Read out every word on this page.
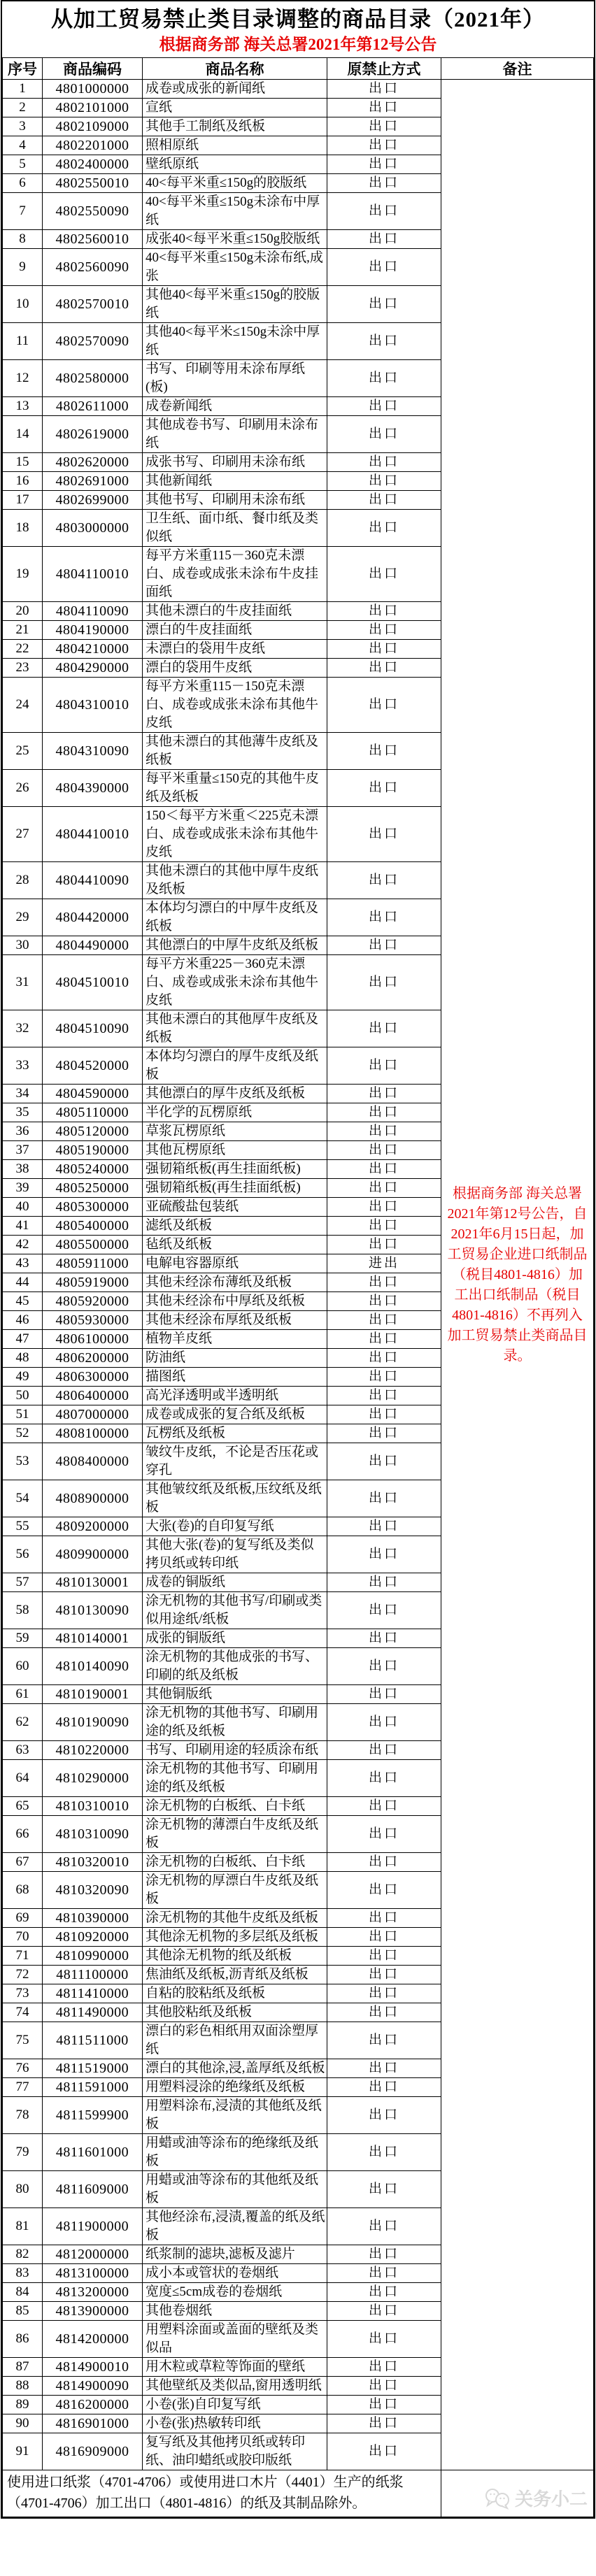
从加工贸易禁止类目录调整的商品目录（2021年）
根据商务部 海关总署2021年第12号公告
序号	商品编码	商品名称	原禁止方式	备注
1	4801000000	成卷或成张的新闻纸	出口	根据商务部 海关总署2021年第12号公告，自2021年6月15日起，加工贸易企业进口纸制品（税目4801-4816）加工出口纸制品（税目4801-4816）不再列入加工贸易禁止类商品目录。
2	4802101000	宣纸	出口	
3	4802109000	其他手工制纸及纸板	出口	
4	4802201000	照相原纸	出口	
5	4802400000	壁纸原纸	出口	
6	4802550010	40<每平米重≤150g的胶版纸	出口	
7	4802550090	40<每平米重≤150g未涂布中厚纸	出口	
8	4802560010	成张40<每平米重≤150g胶版纸	出口	
9	4802560090	40<每平米重≤150g未涂布纸,成张	出口	
10	4802570010	其他40<每平米重≤150g的胶版纸	出口	
11	4802570090	其他40<每平米≤150g未涂中厚纸	出口	
12	4802580000	书写、印刷等用未涂布厚纸(板)	出口	
13	4802611000	成卷新闻纸	出口	
14	4802619000	其他成卷书写、印刷用未涂布纸	出口	
15	4802620000	成张书写、印刷用未涂布纸	出口	
16	4802691000	其他新闻纸	出口	
17	4802699000	其他书写、印刷用未涂布纸	出口	
18	4803000000	卫生纸、面巾纸、餐巾纸及类似纸	出口	
19	4804110010	每平方米重115－360克未漂白、成卷或成张未涂布牛皮挂面纸	出口	
20	4804110090	其他未漂白的牛皮挂面纸	出口	
21	4804190000	漂白的牛皮挂面纸	出口	
22	4804210000	未漂白的袋用牛皮纸	出口	
23	4804290000	漂白的袋用牛皮纸	出口	
24	4804310010	每平方米重115－150克未漂白、成卷或成张未涂布其他牛皮纸	出口	
25	4804310090	其他未漂白的其他薄牛皮纸及纸板	出口	
26	4804390000	每平米重量≤150克的其他牛皮纸及纸板	出口	
27	4804410010	150＜每平方米重＜225克未漂白、成卷或成张未涂布其他牛皮纸	出口	
28	4804410090	其他未漂白的其他中厚牛皮纸及纸板	出口	
29	4804420000	本体均匀漂白的中厚牛皮纸及纸板	出口	
30	4804490000	其他漂白的中厚牛皮纸及纸板	出口	
31	4804510010	每平方米重225－360克未漂白、成卷或成张未涂布其他牛皮纸	出口	
32	4804510090	其他未漂白的其他厚牛皮纸及纸板	出口	
33	4804520000	本体均匀漂白的厚牛皮纸及纸板	出口	
34	4804590000	其他漂白的厚牛皮纸及纸板	出口	
35	4805110000	半化学的瓦楞原纸	出口	
36	4805120000	草浆瓦楞原纸	出口	
37	4805190000	其他瓦楞原纸	出口	
38	4805240000	强韧箱纸板(再生挂面纸板)	出口	
39	4805250000	强韧箱纸板(再生挂面纸板)	出口	
40	4805300000	亚硫酸盐包装纸	出口	
41	4805400000	滤纸及纸板	出口	
42	4805500000	毡纸及纸板	出口	
43	4805911000	电解电容器原纸	进出	
44	4805919000	其他未经涂布薄纸及纸板	出口	
45	4805920000	其他未经涂布中厚纸及纸板	出口	
46	4805930000	其他未经涂布厚纸及纸板	出口	
47	4806100000	植物羊皮纸	出口	
48	4806200000	防油纸	出口	
49	4806300000	描图纸	出口	
50	4806400000	高光泽透明或半透明纸	出口	
51	4807000000	成卷或成张的复合纸及纸板	出口	
52	4808100000	瓦楞纸及纸板	出口	
53	4808400000	皱纹牛皮纸，不论是否压花或穿孔	出口	
54	4808900000	其他皱纹纸及纸板,压纹纸及纸板	出口	
55	4809200000	大张(卷)的自印复写纸	出口	
56	4809900000	其他大张(卷)的复写纸及类似拷贝纸或转印纸	出口	
57	4810130001	成卷的铜版纸	出口	
58	4810130090	涂无机物的其他书写/印刷或类似用途纸/纸板	出口	
59	4810140001	成张的铜版纸	出口	
60	4810140090	涂无机物的其他成张的书写、印刷的纸及纸板	出口	
61	4810190001	其他铜版纸	出口	
62	4810190090	涂无机物的其他书写、印刷用途的纸及纸板	出口	
63	4810220000	书写、印刷用途的轻质涂布纸	出口	
64	4810290000	涂无机物的其他书写、印刷用途的纸及纸板	出口	
65	4810310010	涂无机物的白板纸、白卡纸	出口	
66	4810310090	涂无机物的薄漂白牛皮纸及纸板	出口	
67	4810320010	涂无机物的白板纸、白卡纸	出口	
68	4810320090	涂无机物的厚漂白牛皮纸及纸板	出口	
69	4810390000	涂无机物的其他牛皮纸及纸板	出口	
70	4810920000	其他涂无机物的多层纸及纸板	出口	
71	4810990000	其他涂无机物的纸及纸板	出口	
72	4811100000	焦油纸及纸板,沥青纸及纸板	出口	
73	4811410000	自粘的胶粘纸及纸板	出口	
74	4811490000	其他胶粘纸及纸板	出口	
75	4811511000	漂白的彩色相纸用双面涂塑厚纸	出口	
76	4811519000	漂白的其他涂,浸,盖厚纸及纸板	出口	
77	4811591000	用塑料浸涂的绝缘纸及纸板	出口	
78	4811599900	用塑料涂布,浸渍的其他纸及纸板	出口	
79	4811601000	用蜡或油等涂布的绝缘纸及纸板	出口	
80	4811609000	用蜡或油等涂布的其他纸及纸板	出口	
81	4811900000	其他经涂布,浸渍,覆盖的纸及纸板	出口	
82	4812000000	纸浆制的滤块,滤板及滤片	出口	
83	4813100000	成小本或管状的卷烟纸	出口	
84	4813200000	宽度≤5cm成卷的卷烟纸	出口	
85	4813900000	其他卷烟纸	出口	
86	4814200000	用塑料涂面或盖面的壁纸及类似品	出口	
87	4814900010	用木粒或草粒等饰面的壁纸	出口	
88	4814900090	其他壁纸及类似品,窗用透明纸	出口	
89	4816200000	小卷(张)自印复写纸	出口	
90	4816901000	小卷(张)热敏转印纸	出口	
91	4816909000	复写纸及其他拷贝纸或转印纸、油印蜡纸或胶印版纸	出口	
使用进口纸浆（4701-4706）或使用进口木片（4401）生产的纸浆（4701-4706）加工出口（4801-4816）的纸及其制品除外。				关务小二
